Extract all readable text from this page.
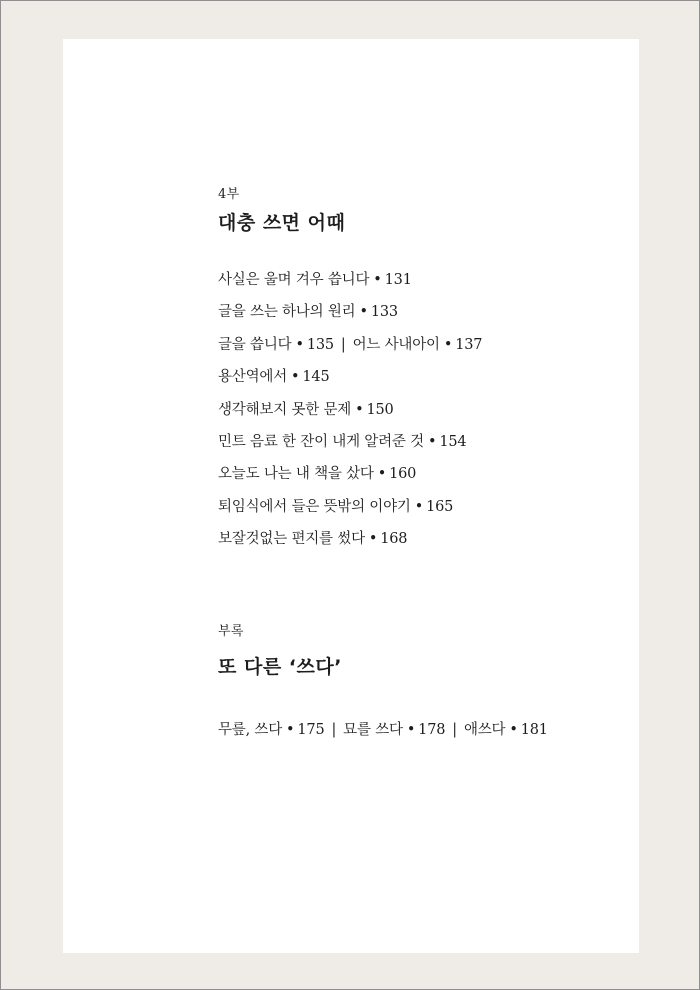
4부
대충 쓰면 어때
사실은 울며 겨우 씁니다 • 131
글을 쓰는 하나의 원리 • 133
글을 씁니다 • 135 | 어느 사내아이 • 137
용산역에서 • 145
생각해보지 못한 문제 • 150
민트 음료 한 잔이 내게 알려준 것 • 154
오늘도 나는 내 책을 샀다 • 160
퇴임식에서 들은 뜻밖의 이야기 • 165
보잘것없는 편지를 썼다 • 168
부록
또 다른 ‘쓰다’
무릎, 쓰다 • 175 | 묘를 쓰다 • 178 | 애쓰다 • 181
